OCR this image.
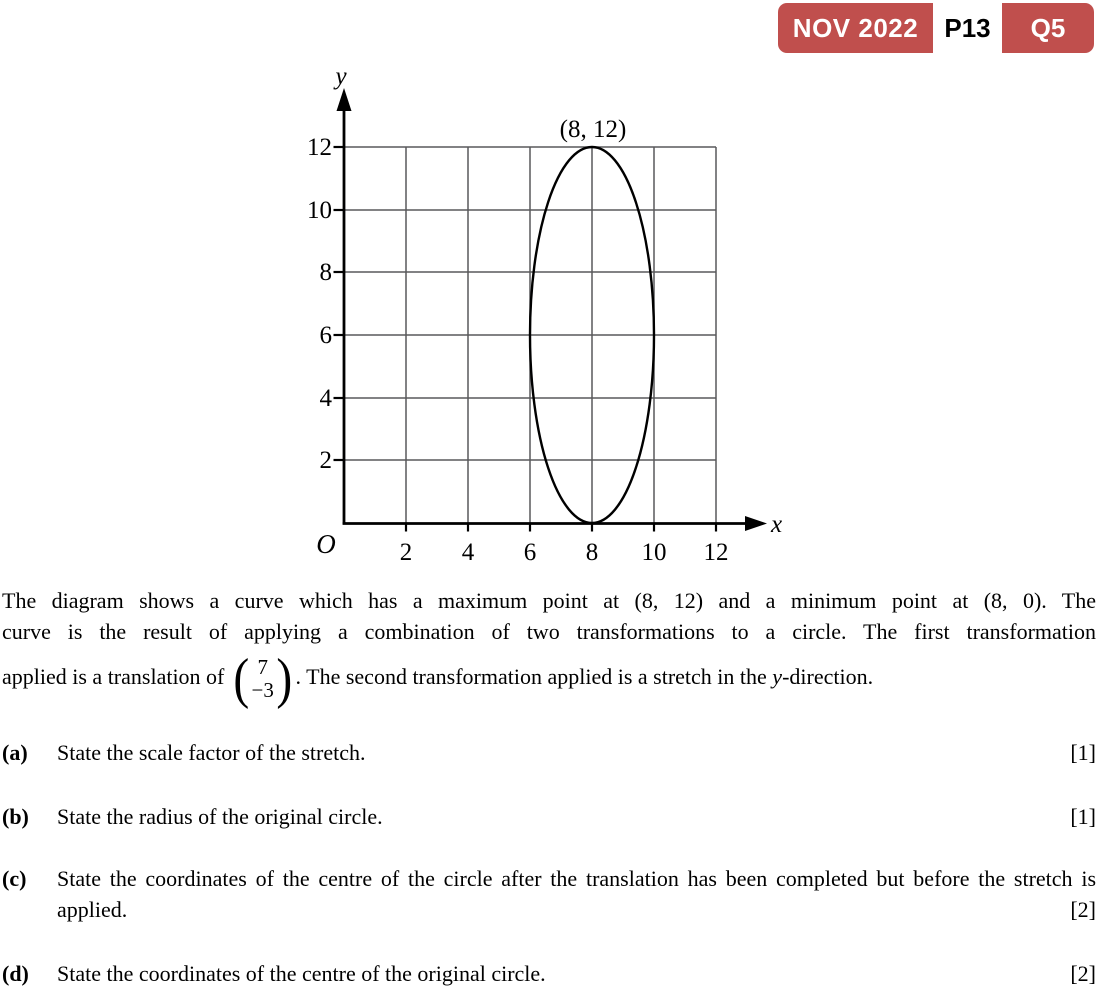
NOV 2022	P13	Q5
12
10
8
6
4
2
2 4 6 8 10 12
O
x
y
(8, 12)
The diagram shows a curve which has a maximum point at (8, 12) and a minimum point at (8, 0). The
curve is the result of applying a combination of two transformations to a circle. The first transformation
applied is a translation of ( 7
−3 ) . The second transformation applied is a stretch in the y-direction.
(a) State the scale factor of the stretch.	[1]
(b) State the radius of the original circle.	[1]
(c) State the coordinates of the centre of the circle after the translation has been completed but before the stretch is applied.	[2]
(d) State the coordinates of the centre of the original circle.	[2]
